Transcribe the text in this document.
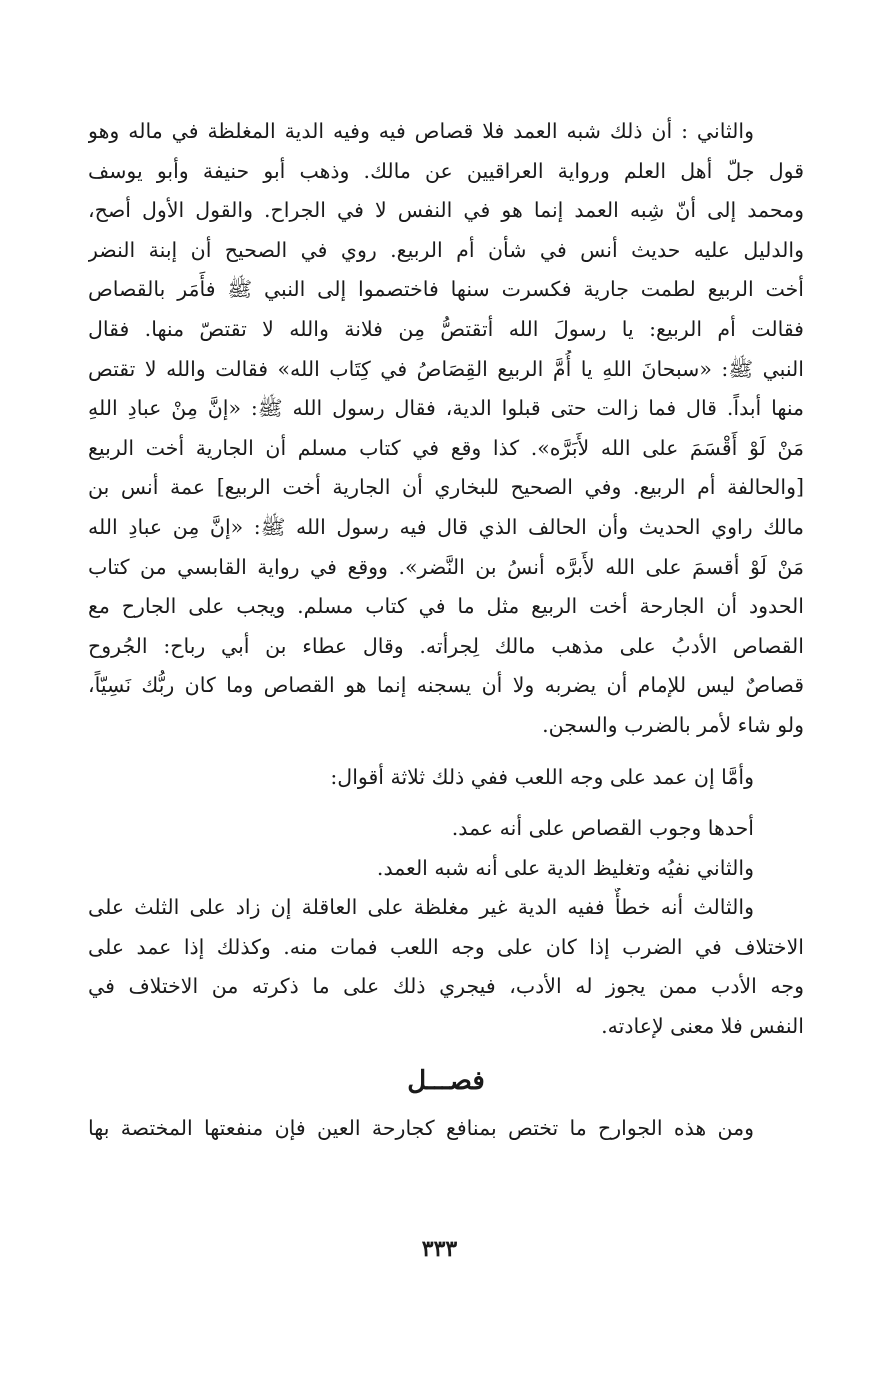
والثاني : أن ذلك شبه العمد فلا قصاص فيه وفيه الدية المغلظة في ماله وهو
قول جلّ أهل العلم ورواية العراقيين عن مالك. وذهب أبو حنيفة وأبو يوسف
ومحمد إلى أنّ شِبه العمد إنما هو في النفس لا في الجراح. والقول الأول أصح،
والدليل عليه حديث أنس في شأن أم الربيع. روي في الصحيح أن إبنة النضر
أخت الربيع لطمت جارية فكسرت سنها فاختصموا إلى النبي ﷺ فأَمَر بالقصاص
فقالت أم الربيع: يا رسولَ الله أتقتصُّ مِن فلانة والله لا تقتصّ منها. فقال
النبي ﷺ: «سبحانَ اللهِ يا أُمَّ الربيع القِصَاصُ في كِتَاب الله» فقالت والله لا تقتص
منها أبداً. قال فما زالت حتى قبلوا الدية، فقال رسول الله ﷺ: «إنَّ مِنْ عبادِ اللهِ
مَنْ لَوْ أَقْسَمَ على الله لأَبَرَّه». كذا وقع في كتاب مسلم أن الجارية أخت الربيع
[والحالفة أم الربيع. وفي الصحيح للبخاري أن الجارية أخت الربيع] عمة أنس بن
مالك راوي الحديث وأن الحالف الذي قال فيه رسول الله ﷺ: «إنَّ مِن عبادِ الله
مَنْ لَوْ أقسمَ على الله لأَبرَّه أنسُ بن النَّضر». ووقع في رواية القابسي من كتاب
الحدود أن الجارحة أخت الربيع مثل ما في كتاب مسلم. ويجب على الجارح مع
القصاص الأدبُ على مذهب مالك لِجرأته. وقال عطاء بن أبي رباح: الجُروح
قصاصٌ ليس للإمام أن يضربه ولا أن يسجنه إنما هو القصاص وما كان ربُّك نَسِيّاً،
ولو شاء لأمر بالضرب والسجن.
وأمَّا إن عمد على وجه اللعب ففي ذلك ثلاثة أقوال:
أحدها وجوب القصاص على أنه عمد.
والثاني نفيُه وتغليظ الدية على أنه شبه العمد.
والثالث أنه خطأٌ ففيه الدية غير مغلظة على العاقلة إن زاد على الثلث على
الاختلاف في الضرب إذا كان على وجه اللعب فمات منه. وكذلك إذا عمد على
وجه الأدب ممن يجوز له الأدب، فيجري ذلك على ما ذكرته من الاختلاف في
النفس فلا معنى لإعادته.
فصـــل
ومن هذه الجوارح ما تختص بمنافع كجارحة العين فإن منفعتها المختصة بها
٣٣٣
